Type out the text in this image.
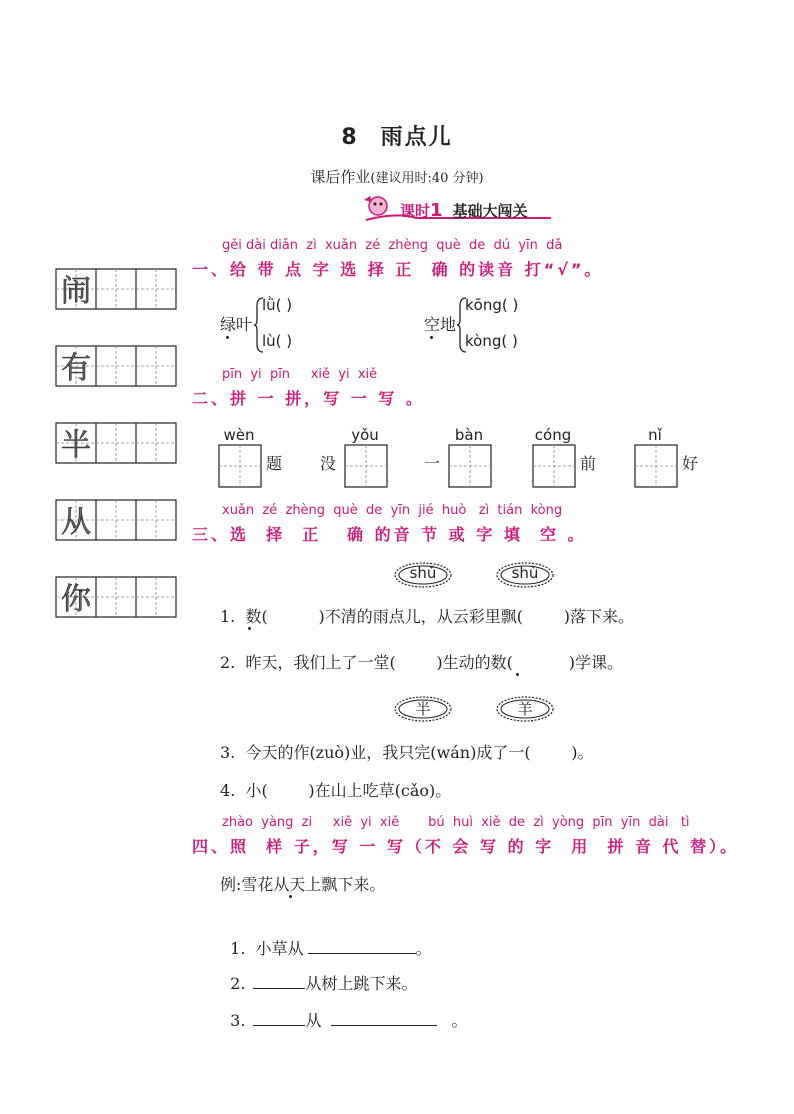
8 雨点儿
课后作业(建议用时:40 分钟)
课时1 基础大闯关
闹
有
半
从
你
gěi dài diǎn  zì  xuǎn  zé  zhèng  què  de  dú  yīn  dǎ
一、给 带 点 字 选 择 正  确 的读音 打“√”。
绿叶
lǜ( )
lù( )
空地
kōng( )
kòng( )
pīn  yi  pīn     xiě  yi  xiě
二、拼 一 拼，写 一 写 。
wèn
题
yǒu
没
bàn
一
cóng
前
nǐ
好
xuǎn  zé  zhèng  què  de  yīn  jié  huò   zì  tián  kòng
三、选  择  正   确 的音 节 或 字 填  空 。
shǔ	shù
1.  数(          )不清的雨点儿，从云彩里飘(        )落下来。
2.  昨天，我们上了一堂(        )生动的数(           )学课。
半	羊
3.  今天的作(zuò)业，我只完(wán)成了一(        )。
4.  小(        )在山上吃草(cǎo)。
zhào  yàng  zi     xiě  yi  xiě       bú  huì  xiě  de  zì  yòng  pīn  yīn  dài   tì
四、照  样 子，写 一 写（不 会 写 的 字  用  拼 音 代 替）。
例:雪花从天上飘下来。

1.  小草从	。

2.	从树上跳下来。

3.	从	。
